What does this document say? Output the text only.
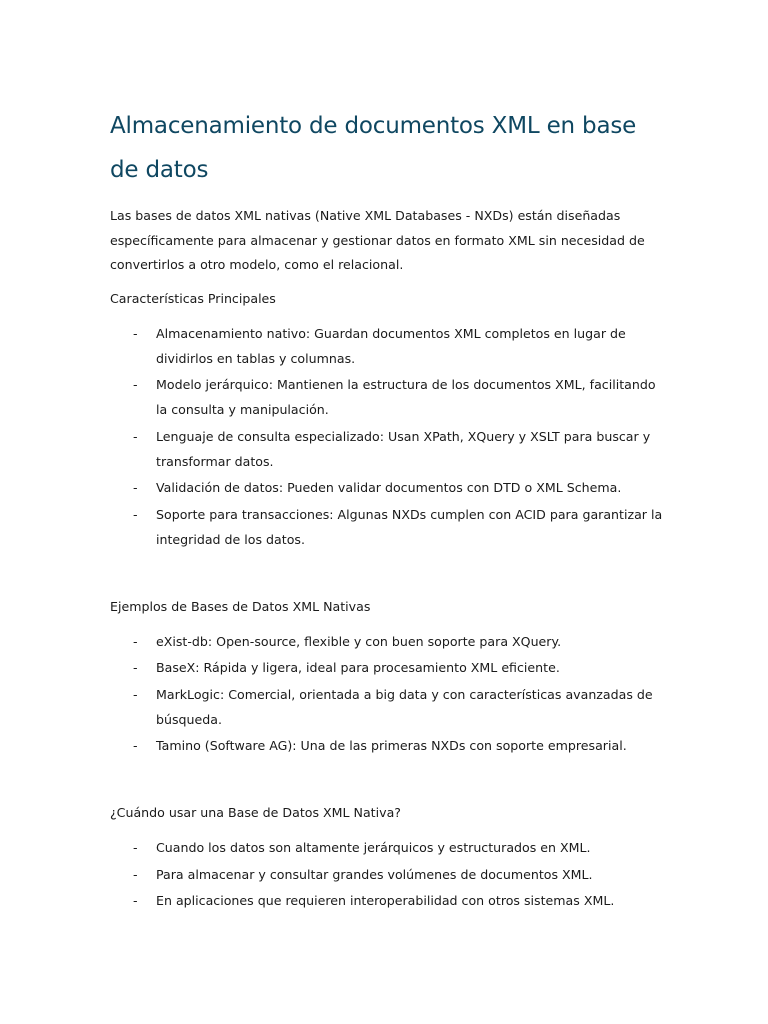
Almacenamiento de documentos XML en base de datos

Las bases de datos XML nativas (Native XML Databases - NXDs) están diseñadas específicamente para almacenar y gestionar datos en formato XML sin necesidad de convertirlos a otro modelo, como el relacional.

Características Principales

- Almacenamiento nativo: Guardan documentos XML completos en lugar de dividirlos en tablas y columnas.
- Modelo jerárquico: Mantienen la estructura de los documentos XML, facilitando la consulta y manipulación.
- Lenguaje de consulta especializado: Usan XPath, XQuery y XSLT para buscar y transformar datos.
- Validación de datos: Pueden validar documentos con DTD o XML Schema.
- Soporte para transacciones: Algunas NXDs cumplen con ACID para garantizar la integridad de los datos.

Ejemplos de Bases de Datos XML Nativas

- eXist-db: Open-source, flexible y con buen soporte para XQuery.
- BaseX: Rápida y ligera, ideal para procesamiento XML eficiente.
- MarkLogic: Comercial, orientada a big data y con características avanzadas de búsqueda.
- Tamino (Software AG): Una de las primeras NXDs con soporte empresarial.

¿Cuándo usar una Base de Datos XML Nativa?

- Cuando los datos son altamente jerárquicos y estructurados en XML.
- Para almacenar y consultar grandes volúmenes de documentos XML.
- En aplicaciones que requieren interoperabilidad con otros sistemas XML.
